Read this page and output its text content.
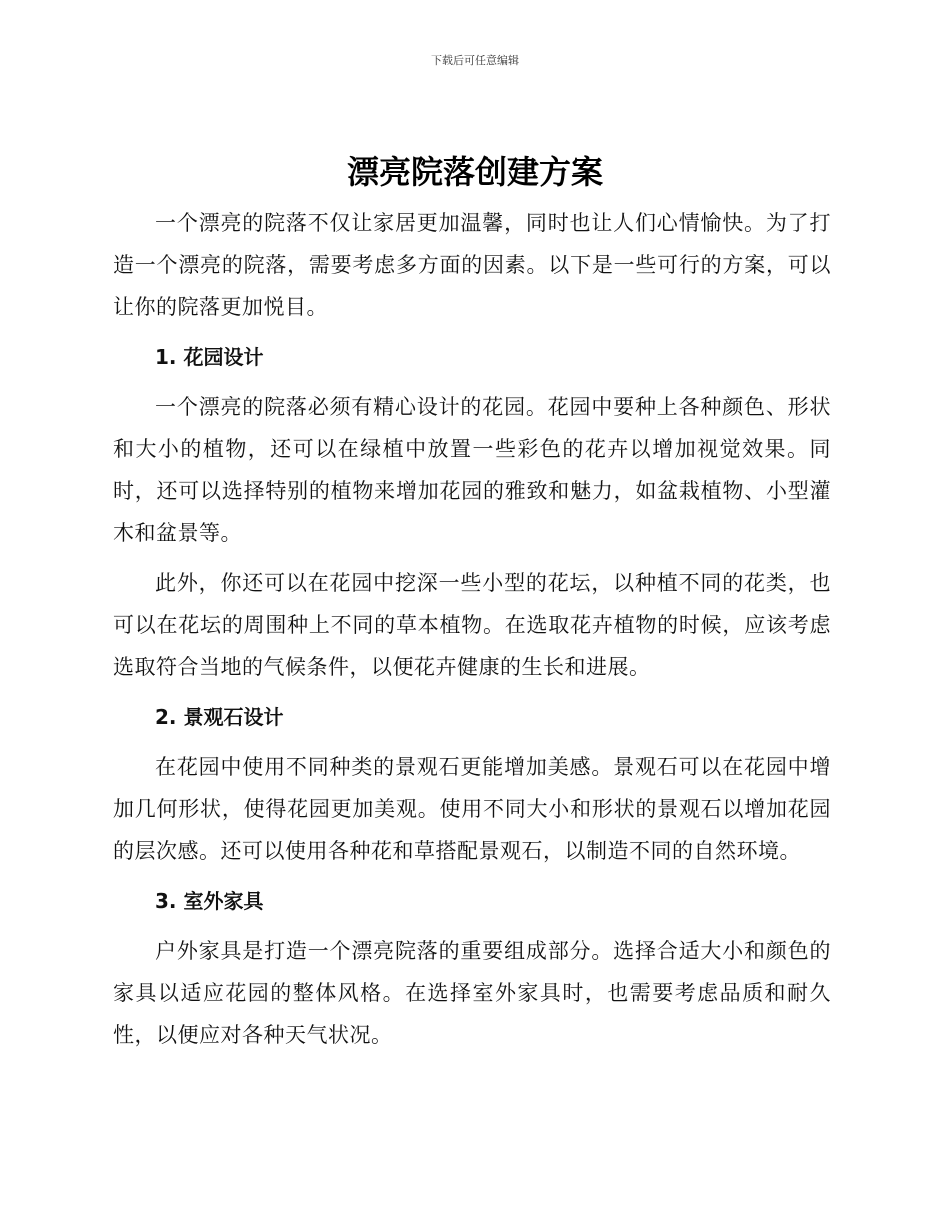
下载后可任意编辑
漂亮院落创建方案

一个漂亮的院落不仅让家居更加温馨，同时也让人们心情愉快。为了打造一个漂亮的院落，需要考虑多方面的因素。以下是一些可行的方案，可以让你的院落更加悦目。

1. 花园设计

一个漂亮的院落必须有精心设计的花园。花园中要种上各种颜色、形状和大小的植物，还可以在绿植中放置一些彩色的花卉以增加视觉效果。同时，还可以选择特别的植物来增加花园的雅致和魅力，如盆栽植物、小型灌木和盆景等。

此外，你还可以在花园中挖深一些小型的花坛，以种植不同的花类，也可以在花坛的周围种上不同的草本植物。在选取花卉植物的时候，应该考虑选取符合当地的气候条件，以便花卉健康的生长和进展。

2. 景观石设计

在花园中使用不同种类的景观石更能增加美感。景观石可以在花园中增加几何形状，使得花园更加美观。使用不同大小和形状的景观石以增加花园的层次感。还可以使用各种花和草搭配景观石，以制造不同的自然环境。

3. 室外家具

户外家具是打造一个漂亮院落的重要组成部分。选择合适大小和颜色的家具以适应花园的整体风格。在选择室外家具时，也需要考虑品质和耐久性，以便应对各种天气状况。
